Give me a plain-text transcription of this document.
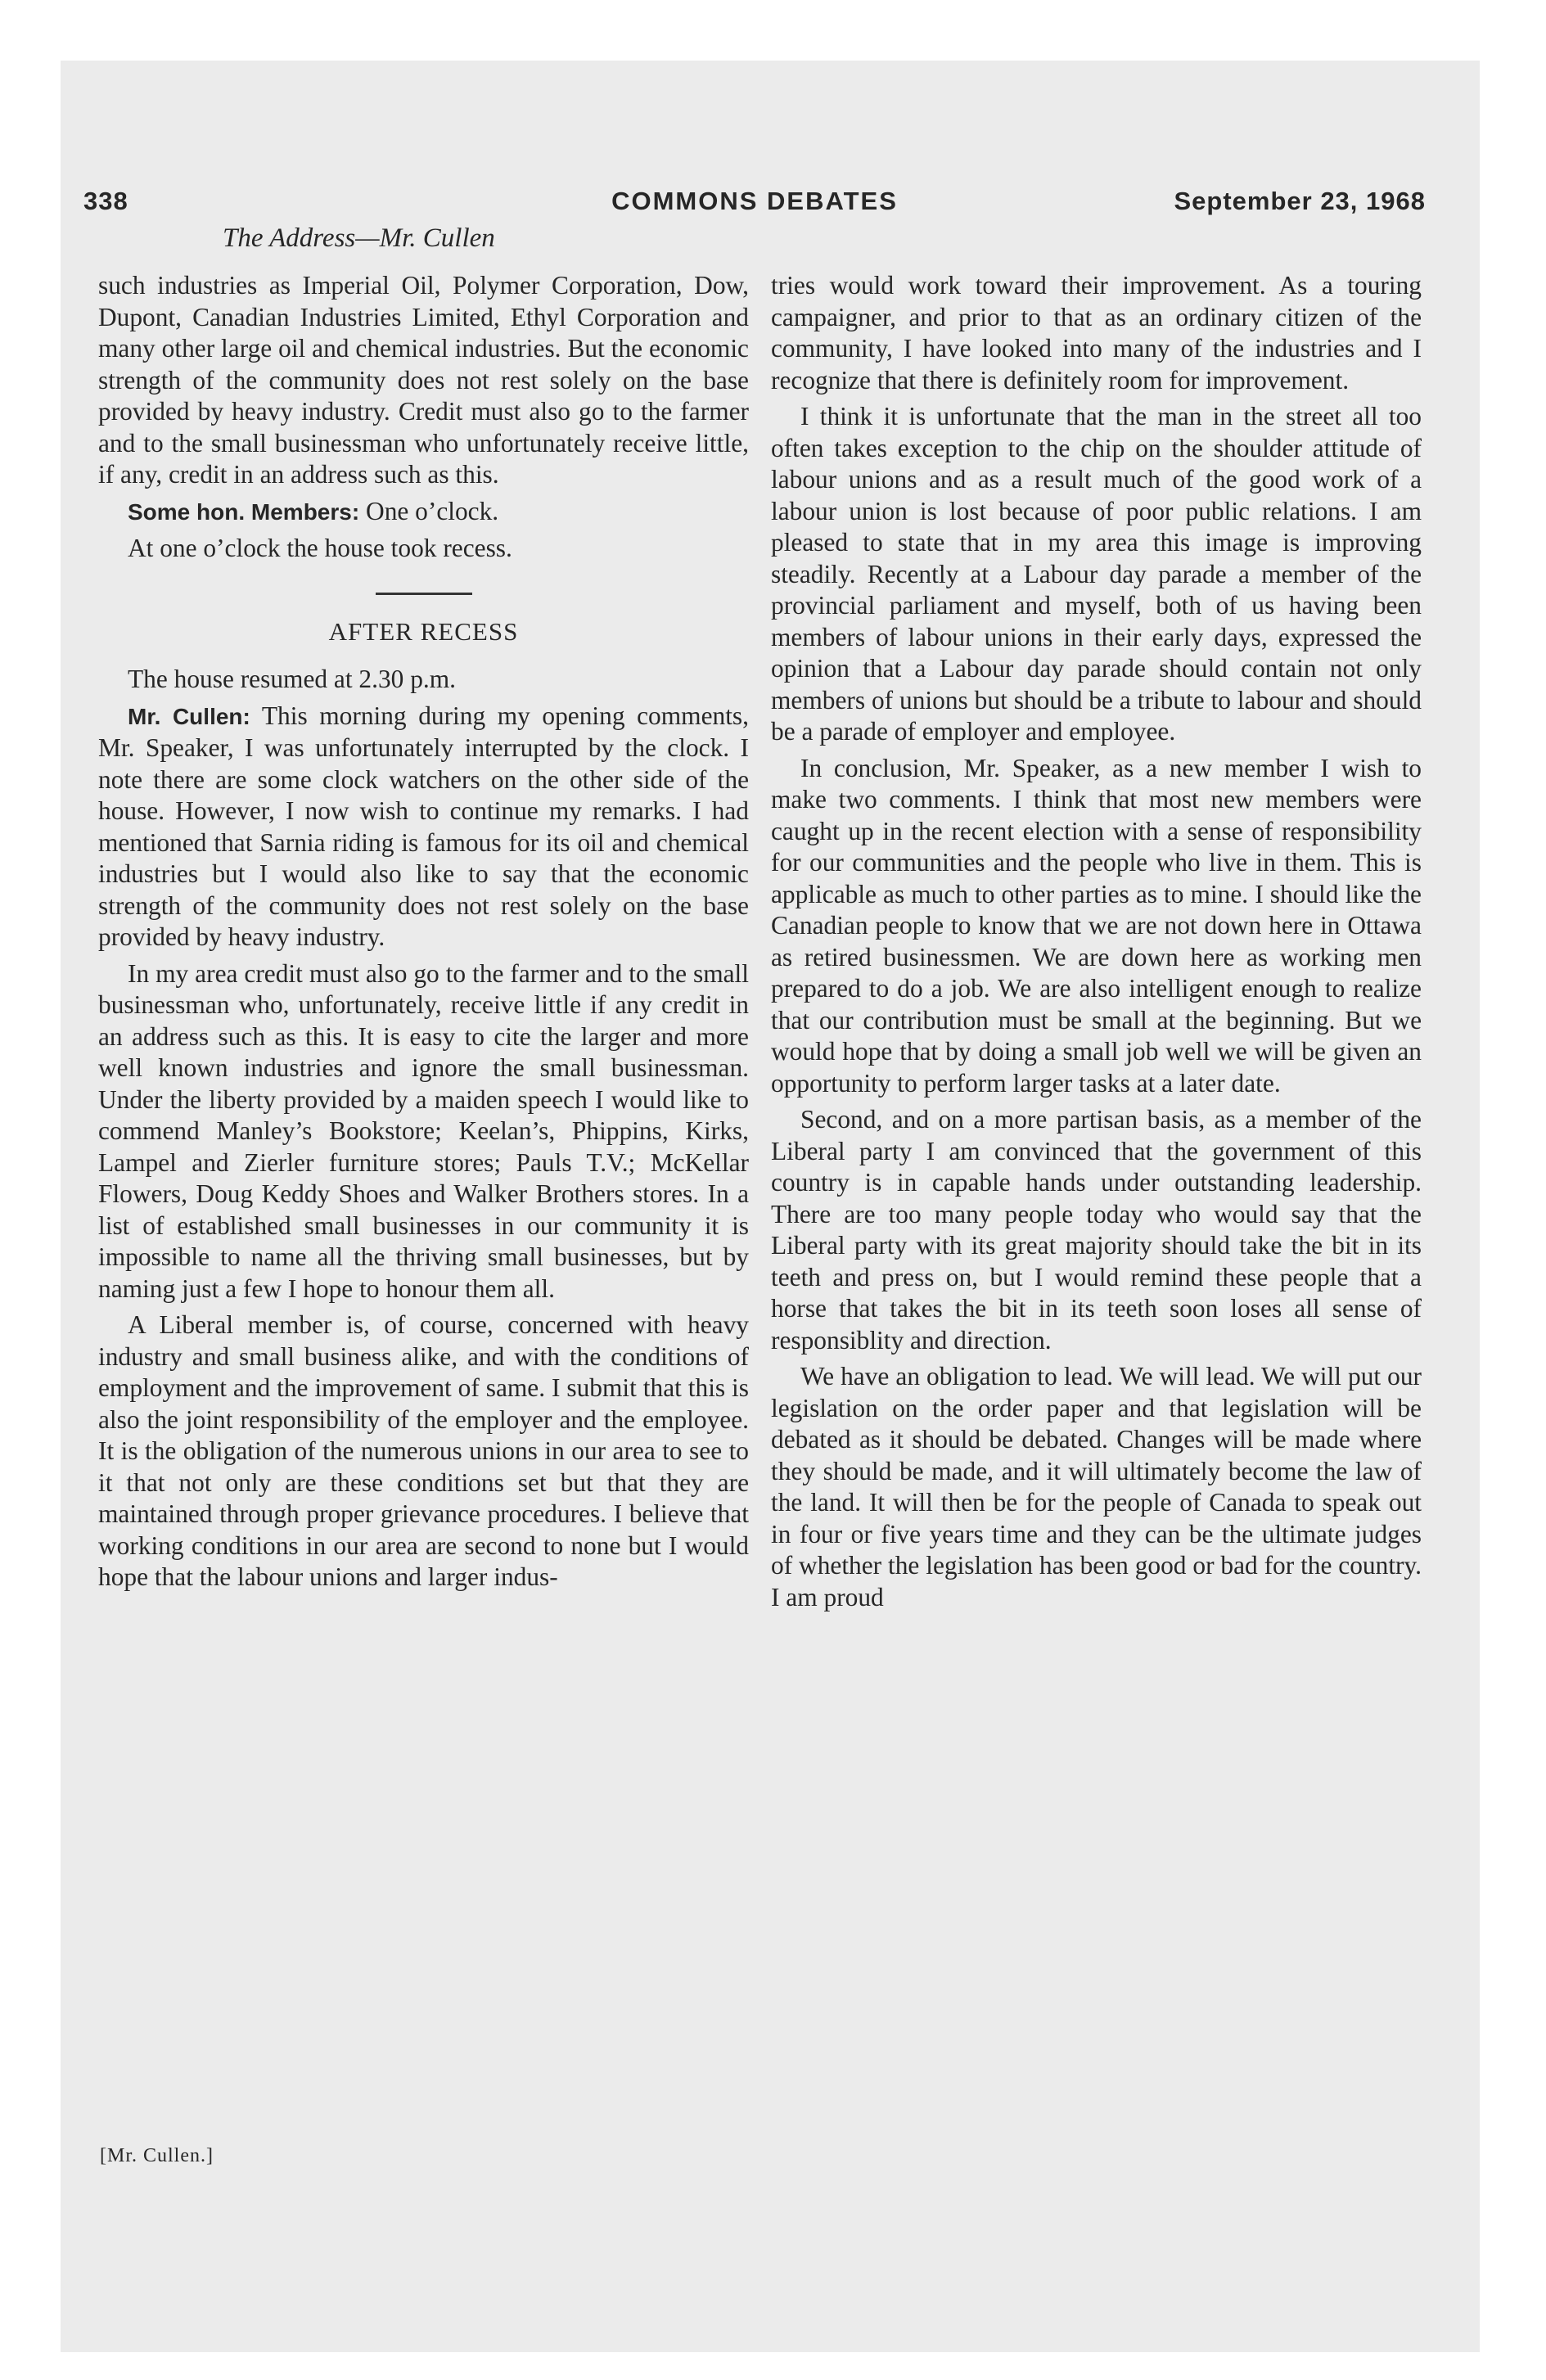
338	COMMONS DEBATES	September 23, 1968
The Address—Mr. Cullen

such industries as Imperial Oil, Polymer Corporation, Dow, Dupont, Canadian Industries Limited, Ethyl Corporation and many other large oil and chemical industries. But the economic strength of the community does not rest solely on the base provided by heavy industry. Credit must also go to the farmer and to the small businessman who unfortunately receive little, if any, credit in an address such as this.

Some hon. Members: One o’clock.

At one o’clock the house took recess.

AFTER RECESS

The house resumed at 2.30 p.m.

Mr. Cullen: This morning during my opening comments, Mr. Speaker, I was unfortunately interrupted by the clock. I note there are some clock watchers on the other side of the house. However, I now wish to continue my remarks. I had mentioned that Sarnia riding is famous for its oil and chemical industries but I would also like to say that the economic strength of the community does not rest solely on the base provided by heavy industry.

In my area credit must also go to the farmer and to the small businessman who, unfortunately, receive little if any credit in an address such as this. It is easy to cite the larger and more well known industries and ignore the small businessman. Under the liberty provided by a maiden speech I would like to commend Manley’s Bookstore; Keelan’s, Phippins, Kirks, Lampel and Zierler furniture stores; Pauls T.V.; McKellar Flowers, Doug Keddy Shoes and Walker Brothers stores. In a list of established small businesses in our community it is impossible to name all the thriving small businesses, but by naming just a few I hope to honour them all.

A Liberal member is, of course, concerned with heavy industry and small business alike, and with the conditions of employment and the improvement of same. I submit that this is also the joint responsibility of the employer and the employee. It is the obligation of the numerous unions in our area to see to it that not only are these conditions set but that they are maintained through proper grievance procedures. I believe that working conditions in our area are second to none but I would hope that the labour unions and larger indus-

tries would work toward their improvement. As a touring campaigner, and prior to that as an ordinary citizen of the community, I have looked into many of the industries and I recognize that there is definitely room for improvement.

I think it is unfortunate that the man in the street all too often takes exception to the chip on the shoulder attitude of labour unions and as a result much of the good work of a labour union is lost because of poor public relations. I am pleased to state that in my area this image is improving steadily. Recently at a Labour day parade a member of the provincial parliament and myself, both of us having been members of labour unions in their early days, expressed the opinion that a Labour day parade should contain not only members of unions but should be a tribute to labour and should be a parade of employer and employee.

In conclusion, Mr. Speaker, as a new member I wish to make two comments. I think that most new members were caught up in the recent election with a sense of responsibility for our communities and the people who live in them. This is applicable as much to other parties as to mine. I should like the Canadian people to know that we are not down here in Ottawa as retired businessmen. We are down here as working men prepared to do a job. We are also intelligent enough to realize that our contribution must be small at the beginning. But we would hope that by doing a small job well we will be given an opportunity to perform larger tasks at a later date.

Second, and on a more partisan basis, as a member of the Liberal party I am convinced that the government of this country is in capable hands under outstanding leadership. There are too many people today who would say that the Liberal party with its great majority should take the bit in its teeth and press on, but I would remind these people that a horse that takes the bit in its teeth soon loses all sense of responsiblity and direction.

We have an obligation to lead. We will lead. We will put our legislation on the order paper and that legislation will be debated as it should be debated. Changes will be made where they should be made, and it will ultimately become the law of the land. It will then be for the people of Canada to speak out in four or five years time and they can be the ultimate judges of whether the legislation has been good or bad for the country. I am proud

[Mr. Cullen.]
